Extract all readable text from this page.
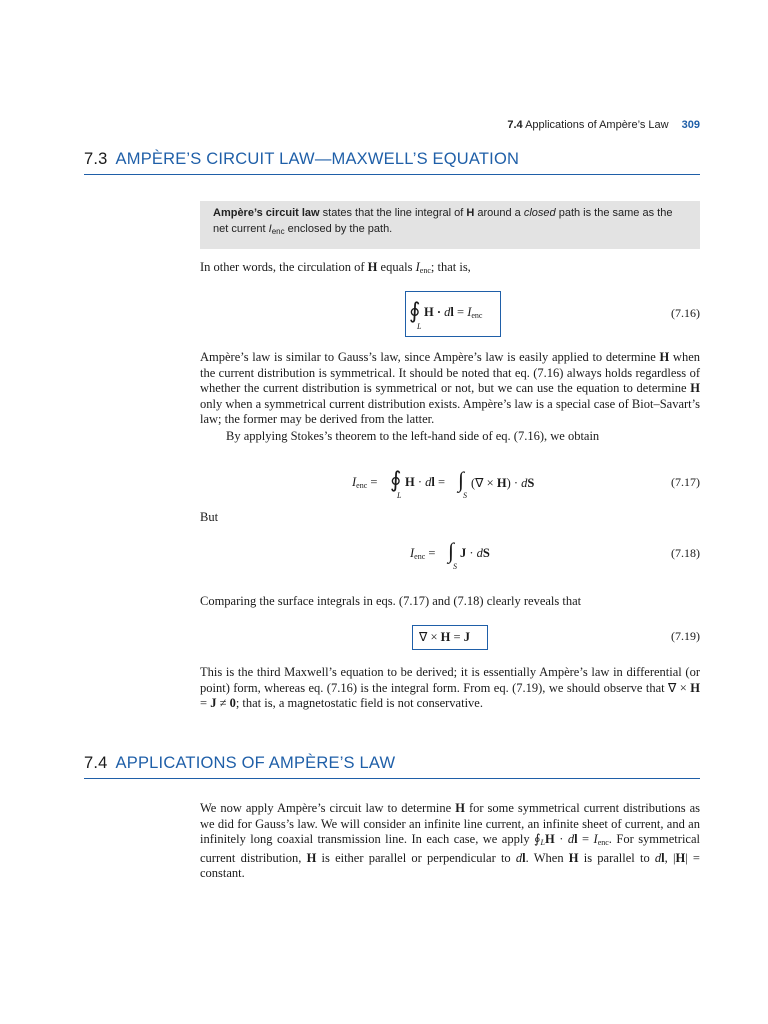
7.4 Applications of Ampère’s Law 309
7.3 AMPÈRE’S CIRCUIT LAW—MAXWELL’S EQUATION
Ampère’s circuit law states that the line integral of H around a closed path is the same as the net current $I_{enc}$ enclosed by the path.
In other words, the circulation of H equals $I_{enc}$; that is,
∮
L
H · dl = $I_{enc}$	(7.16)
Ampère’s law is similar to Gauss’s law, since Ampère’s law is easily applied to determine H when the current distribution is symmetrical. It should be noted that eq. (7.16) always holds regardless of whether the current distribution is symmetrical or not, but we can use the equation to determine H only when a symmetrical current distribution exists. Ampère’s law is a special case of Biot–Savart’s law; the former may be derived from the latter.
By applying Stokes’s theorem to the left-hand side of eq. (7.16), we obtain
$I_{enc}$ = ∮
L
H · dl = ∫
S
(∇ × H) · dS	(7.17)
But
$I_{enc}$ = ∫
S
J · dS	(7.18)
Comparing the surface integrals in eqs. (7.17) and (7.18) clearly reveals that
∇ × H = J	(7.19)
This is the third Maxwell’s equation to be derived; it is essentially Ampère’s law in differential (or point) form, whereas eq. (7.16) is the integral form. From eq. (7.19), we should observe that ∇ × H = J ≠ 0; that is, a magnetostatic field is not conservative.
7.4 APPLICATIONS OF AMPÈRE’S LAW
We now apply Ampère’s circuit law to determine H for some symmetrical current distributions as we did for Gauss’s law. We will consider an infinite line current, an infinite sheet of current, and an infinitely long coaxial transmission line. In each case, we apply $∮_LH$ · dl = $I_{enc}$. For symmetrical current distribution, H is either parallel or perpendicular to dl. When H is parallel to dl, |H| = constant.
